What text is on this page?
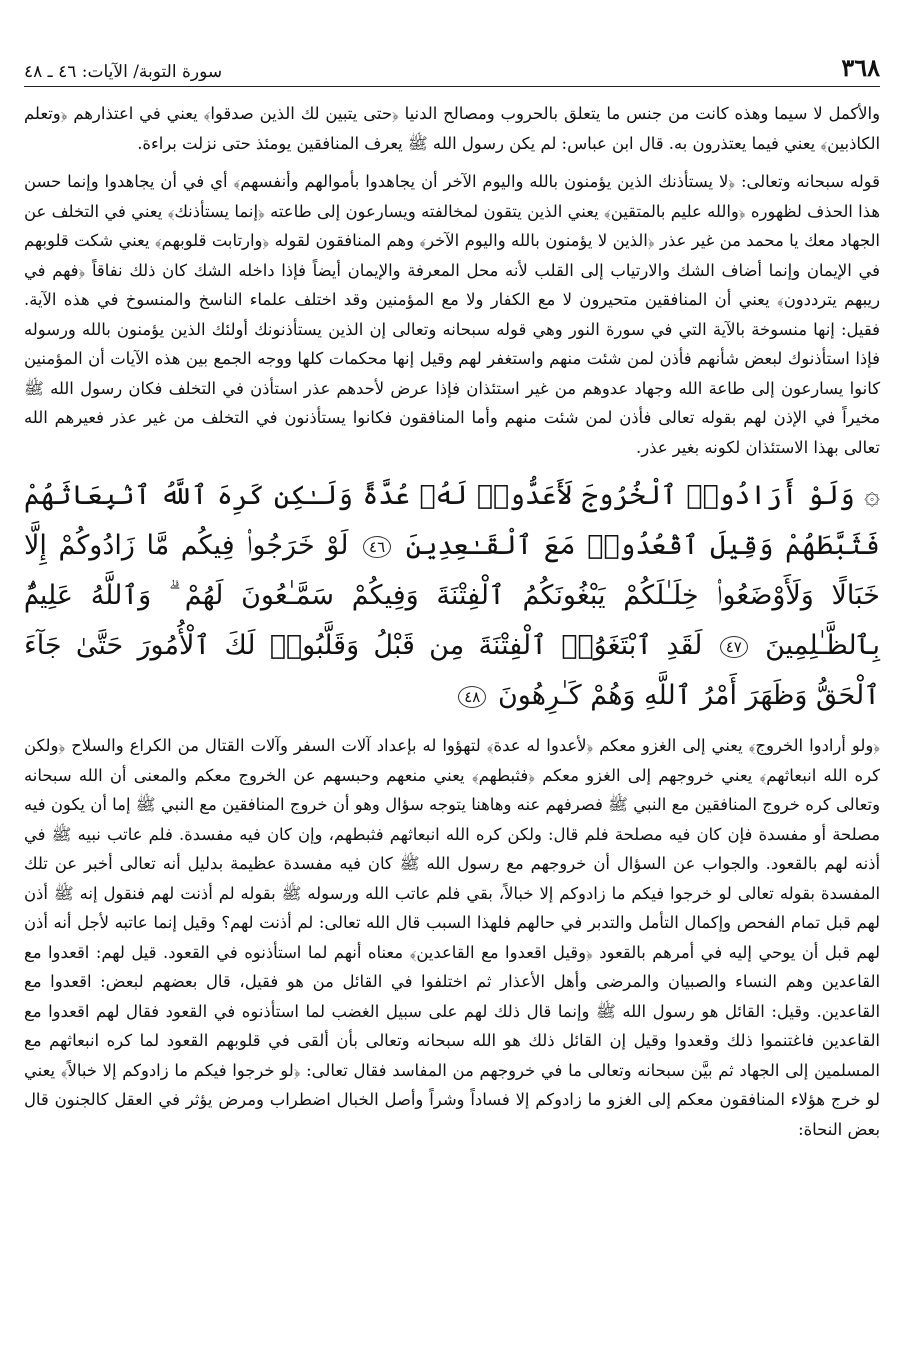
٣٦٨
سورة التوبة/ الآيات: ٤٦ ـ ٤٨

والأكمل لا سيما وهذه كانت من جنس ما يتعلق بالحروب ومصالح الدنيا ﴿حتى يتبين لك الذين صدقوا﴾ يعني في اعتذارهم ﴿وتعلم الكاذبين﴾ يعني فيما يعتذرون به. قال ابن عباس: لم يكن رسول الله ﷺ يعرف المنافقين يومئذ حتى نزلت براءة.

قوله سبحانه وتعالى: ﴿لا يستأذنك الذين يؤمنون بالله واليوم الآخر أن يجاهدوا بأموالهم وأنفسهم﴾ أي في أن يجاهدوا وإنما حسن هذا الحذف لظهوره ﴿والله عليم بالمتقين﴾ يعني الذين يتقون لمخالفته ويسارعون إلى طاعته ﴿إنما يستأذنك﴾ يعني في التخلف عن الجهاد معك يا محمد من غير عذر ﴿الذين لا يؤمنون بالله واليوم الآخر﴾ وهم المنافقون لقوله ﴿وارتابت قلوبهم﴾ يعني شكت قلوبهم في الإيمان وإنما أضاف الشك والارتياب إلى القلب لأنه محل المعرفة والإيمان أيضاً فإذا داخله الشك كان ذلك نفاقاً ﴿فهم في ريبهم يترددون﴾ يعني أن المنافقين متحيرون لا مع الكفار ولا مع المؤمنين وقد اختلف علماء الناسخ والمنسوخ في هذه الآية. فقيل: إنها منسوخة بالآية التي في سورة النور وهي قوله سبحانه وتعالى إن الذين يستأذنونك أولئك الذين يؤمنون بالله ورسوله فإذا استأذنوك لبعض شأنهم فأذن لمن شئت منهم واستغفر لهم وقيل إنها محكمات كلها ووجه الجمع بين هذه الآيات أن المؤمنين كانوا يسارعون إلى طاعة الله وجهاد عدوهم من غير استئذان فإذا عرض لأحدهم عذر استأذن في التخلف فكان رسول الله ﷺ مخيراً في الإذن لهم بقوله تعالى فأذن لمن شئت منهم وأما المنافقون فكانوا يستأذنون في التخلف من غير عذر فعيرهم الله تعالى بهذا الاستئذان لكونه بغير عذر.

۞ وَلَوْ أَرَادُوا۟ ٱلْخُرُوجَ لَأَعَدُّوا۟ لَهُۥ عُدَّةً وَلَـٰكِن كَرِهَ ٱللَّهُ ٱنۢبِعَاثَهُمْ فَثَبَّطَهُمْ وَقِيلَ ٱقْعُدُوا۟ مَعَ ٱلْقَـٰعِدِينَ ٤٦ لَوْ خَرَجُوا۟ فِيكُم مَّا زَادُوكُمْ إِلَّا خَبَالًا وَلَأَوْضَعُوا۟ خِلَـٰلَكُمْ يَبْغُونَكُمُ ٱلْفِتْنَةَ وَفِيكُمْ سَمَّـٰعُونَ لَهُمْ ۗ وَٱللَّهُ عَلِيمٌۢ بِٱلظَّـٰلِمِينَ ٤٧ لَقَدِ ٱبْتَغَوُا۟ ٱلْفِتْنَةَ مِن قَبْلُ وَقَلَّبُوا۟ لَكَ ٱلْأُمُورَ حَتَّىٰ جَآءَ ٱلْحَقُّ وَظَهَرَ أَمْرُ ٱللَّهِ وَهُمْ كَـٰرِهُونَ ٤٨

﴿ولو أرادوا الخروج﴾ يعني إلى الغزو معكم ﴿لأعدوا له عدة﴾ لتهؤوا له بإعداد آلات السفر وآلات القتال من الكراع والسلاح ﴿ولكن كره الله انبعاثهم﴾ يعني خروجهم إلى الغزو معكم ﴿فثبطهم﴾ يعني منعهم وحبسهم عن الخروج معكم والمعنى أن الله سبحانه وتعالى كره خروج المنافقين مع النبي ﷺ فصرفهم عنه وهاهنا يتوجه سؤال وهو أن خروج المنافقين مع النبي ﷺ إما أن يكون فيه مصلحة أو مفسدة فإن كان فيه مصلحة فلم قال: ولكن كره الله انبعاثهم فثبطهم، وإن كان فيه مفسدة. فلم عاتب نبيه ﷺ في أذنه لهم بالقعود. والجواب عن السؤال أن خروجهم مع رسول الله ﷺ كان فيه مفسدة عظيمة بدليل أنه تعالى أخبر عن تلك المفسدة بقوله تعالى لو خرجوا فيكم ما زادوكم إلا خبالاً، بقي فلم عاتب الله ورسوله ﷺ بقوله لم أذنت لهم فنقول إنه ﷺ أذن لهم قبل تمام الفحص وإكمال التأمل والتدبر في حالهم فلهذا السبب قال الله تعالى: لم أذنت لهم؟ وقيل إنما عاتبه لأجل أنه أذن لهم قبل أن يوحي إليه في أمرهم بالقعود ﴿وقيل اقعدوا مع القاعدين﴾ معناه أنهم لما استأذنوه في القعود. قيل لهم: اقعدوا مع القاعدين وهم النساء والصبيان والمرضى وأهل الأعذار ثم اختلفوا في القائل من هو فقيل، قال بعضهم لبعض: اقعدوا مع القاعدين. وقيل: القائل هو رسول الله ﷺ وإنما قال ذلك لهم على سبيل الغضب لما استأذنوه في القعود فقال لهم اقعدوا مع القاعدين فاغتنموا ذلك وقعدوا وقيل إن القائل ذلك هو الله سبحانه وتعالى بأن ألقى في قلوبهم القعود لما كره انبعاثهم مع المسلمين إلى الجهاد ثم بيَّن سبحانه وتعالى ما في خروجهم من المفاسد فقال تعالى: ﴿لو خرجوا فيكم ما زادوكم إلا خبالاً﴾ يعني لو خرج هؤلاء المنافقون معكم إلى الغزو ما زادوكم إلا فساداً وشراً وأصل الخبال اضطراب ومرض يؤثر في العقل كالجنون قال بعض النحاة:
